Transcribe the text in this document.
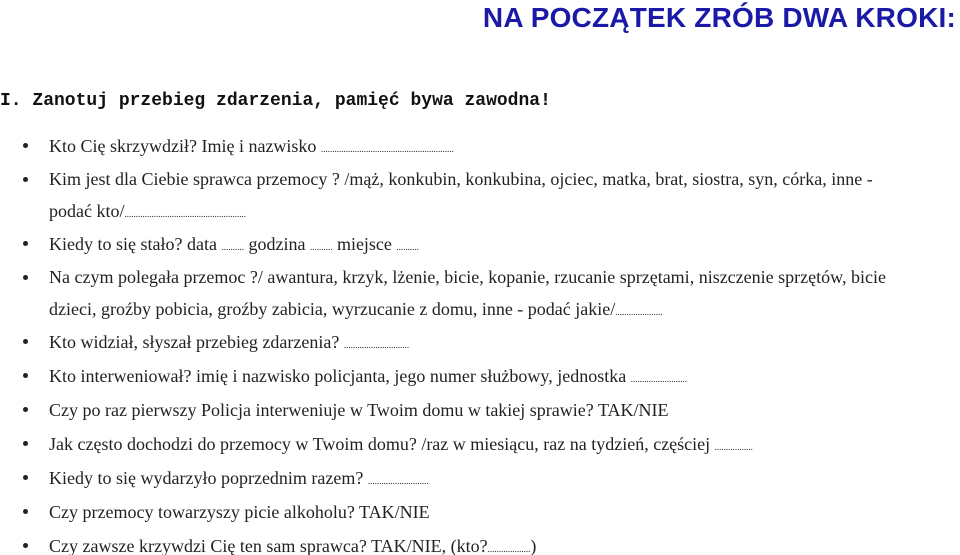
NA POCZĄTEK ZRÓB DWA KROKI:
I. Zanotuj przebieg zdarzenia, pamięć bywa zawodna!
Kto Cię skrzywdził? Imię i nazwisko ...........................................................
Kim jest dla Ciebie sprawca przemocy ? /mąż, konkubin, konkubina, ojciec, matka, brat, siostra, syn, córka, inne -
podać kto/......................................................
Kiedy to się stało? data .......... godzina .......... miejsce ..........
Na czym polegała przemoc ?/ awantura, krzyk, lżenie, bicie, kopanie, rzucanie sprzętami, niszczenie sprzętów, bicie
dzieci, groźby pobicia, groźby zabicia, wyrzucanie z domu, inne - podać jakie/.....................
Kto widział, słyszał przebieg zdarzenia? .............................
Kto interweniował? imię i nazwisko policjanta, jego numer służbowy, jednostka .........................
Czy po raz pierwszy Policja interweniuje w Twoim domu w takiej sprawie? TAK/NIE
Jak często dochodzi do przemocy w Twoim domu? /raz w miesiącu, raz na tydzień, częściej .................
Kiedy to się wydarzyło poprzednim razem? ...........................
Czy przemocy towarzyszy picie alkoholu? TAK/NIE
Czy zawsze krzywdzi Cię ten sam sprawca? TAK/NIE, (kto?...................)
